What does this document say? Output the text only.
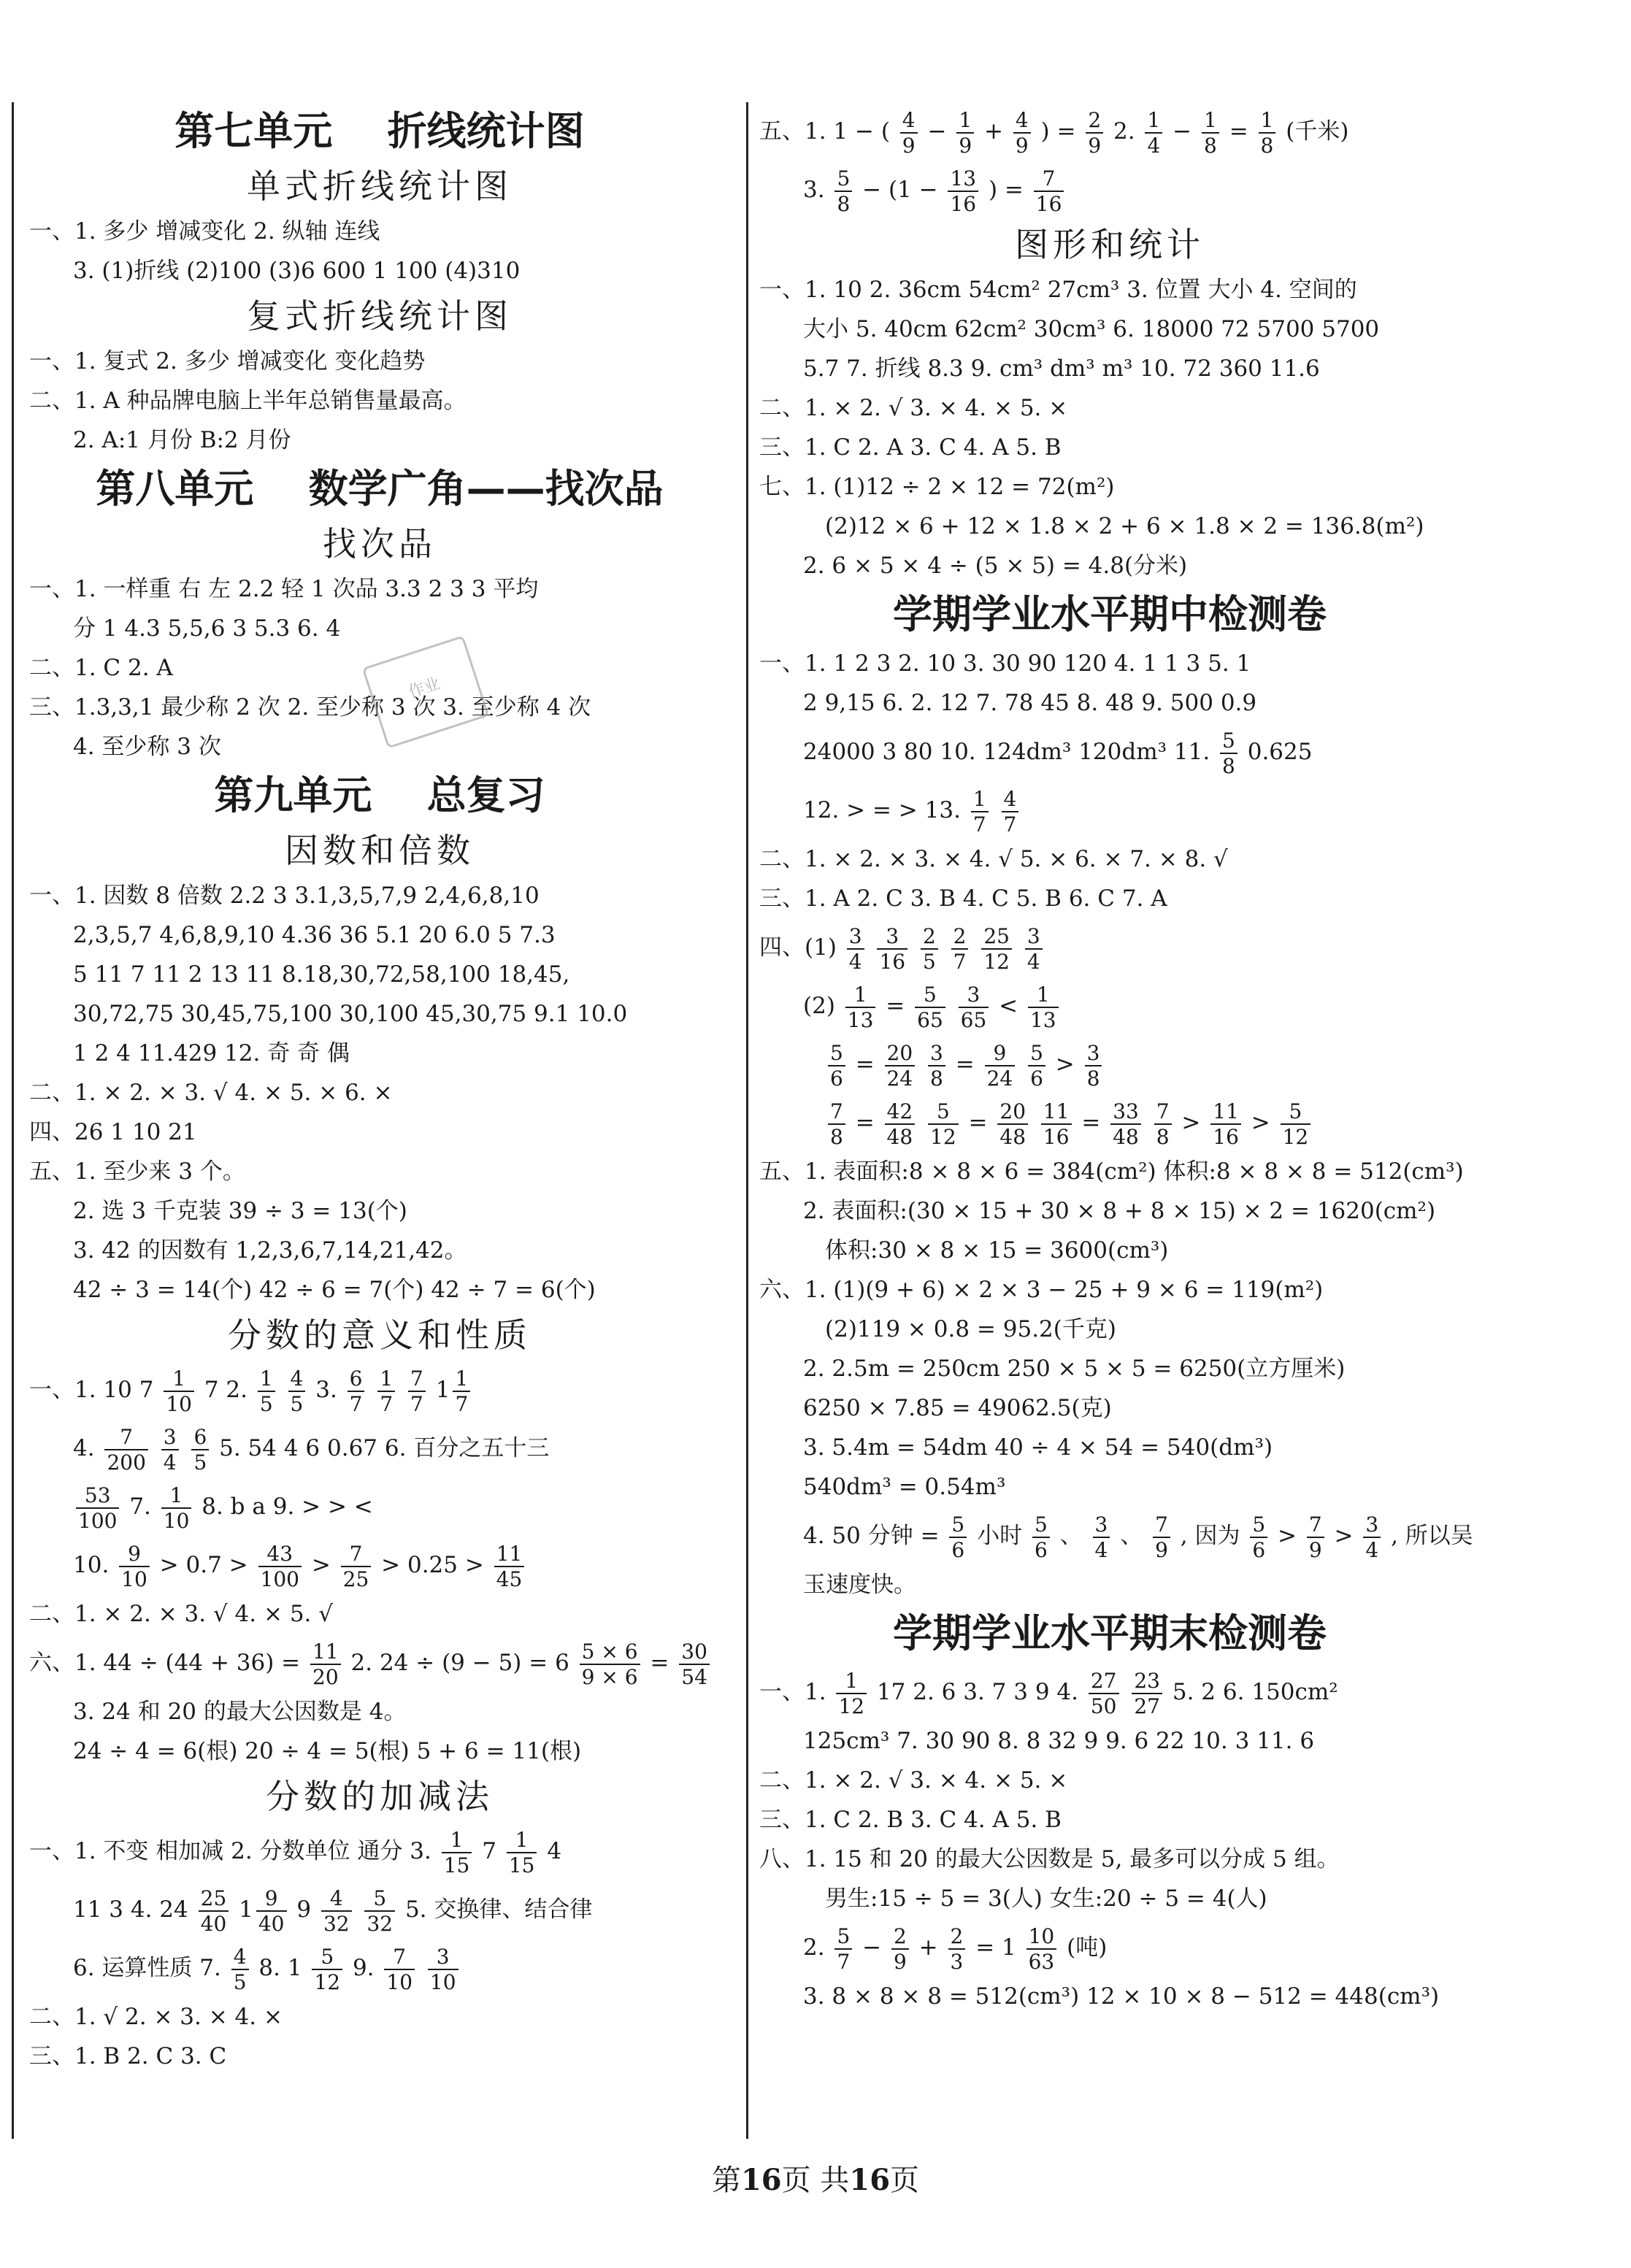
第七单元    折线统计图
单式折线统计图
一、1. 多少 增减变化 2. 纵轴 连线
3. (1)折线 (2)100 (3)6 600 1 100 (4)310
复式折线统计图
一、1. 复式 2. 多少 增减变化 变化趋势
二、1. A 种品牌电脑上半年总销售量最高。
2. A:1 月份 B:2 月份
第八单元    数学广角——找次品
找次品
一、1. 一样重 右 左 2.2 轻 1 次品 3.3 2 3 3 平均
分 1 4.3 5,5,6 3 5.3 6. 4
二、1. C 2. A
三、1.3,3,1 最少称 2 次 2. 至少称 3 次 3. 至少称 4 次
4. 至少称 3 次
第九单元    总复习
因数和倍数
一、1. 因数 8 倍数 2.2 3 3.1,3,5,7,9 2,4,6,8,10
2,3,5,7 4,6,8,9,10 4.36 36 5.1 20 6.0 5 7.3
5 11 7 11 2 13 11 8.18,30,72,58,100 18,45,
30,72,75 30,45,75,100 30,100 45,30,75 9.1 10.0
1 2 4 11.429 12. 奇 奇 偶
二、1. × 2. × 3. √ 4. × 5. × 6. ×
四、26 1 10 21
五、1. 至少来 3 个。
2. 选 3 千克装 39 ÷ 3 = 13(个)
3. 42 的因数有 1,2,3,6,7,14,21,42。
42 ÷ 3 = 14(个) 42 ÷ 6 = 7(个) 42 ÷ 7 = 6(个)
分数的意义和性质
一、1. 10 $7 \frac{1}{10} 7$ 2. $\frac{1}{5}$
$\frac{4}{5} 3$. $\frac{6}{7}$
$\frac{1}{7}$
$\frac{7}{7} 1 \frac{1}{7}$
4. $\frac{7}{200}$
$\frac{3}{4}$
$\frac{6}{5} 5$. 54 4 6 0.67 6. 百分之五十三
$\frac{53}{100} 7$. $\frac{1}{10} 8$. b a 9. > > <
10. $\frac{9}{10} > 0.7 > \frac{43}{100} > \frac{7}{25} > 0.25 > \frac{11}{45}$
二、1. × 2. × 3. √ 4. × 5. √
六、1. $44 \div (44 + 36) = \frac{11}{20} 2$. $24 \div (9 - 5) = 6 \frac{5 \times 6}{9 \times 6} = \frac{30}{54}$
3. 24 和 20 的最大公因数是 4。
24 ÷ 4 = 6(根) 20 ÷ 4 = 5(根) 5 + 6 = 11(根)
分数的加减法
一、1. 不变 相加减 2. 分数单位 通分 3. $\frac{1}{15} 7 \frac{1}{15} 4$
11 3 4. $24 \frac{25}{40} 1 \frac{9}{40} 9 \frac{4}{32}$
$\frac{5}{32} 5$. 交换律、结合律
6. 运算性质 7. $\frac{4}{5} 8$. $1 \frac{5}{12} 9$. $\frac{7}{10}$
$\frac{3}{10}$
二、1. √ 2. × 3. × 4. ×
三、1. B 2. C 3. C
作业
五、1. 1 − ( $\frac{4}{9} - \frac{1}{9} + \frac{4}{9}$ ) = $\frac{2}{9} 2$. $\frac{1}{4} - \frac{1}{8} = \frac{1}{8}$ (千米)
3. $\frac{5}{8} - (1 - \frac{13}{16}$ ) = $\frac{7}{16}$
图形和统计
一、1. 10 2. 36cm 54cm² 27cm³ 3. 位置 大小 4. 空间的
大小 5. 40cm 62cm² 30cm³ 6. 18000 72 5700 5700
5.7 7. 折线 8.3 9. cm³ dm³ m³ 10. 72 360 11.6
二、1. × 2. √ 3. × 4. × 5. ×
三、1. C 2. A 3. C 4. A 5. B
七、1. (1)12 ÷ 2 × 12 = 72(m²)
(2)12 × 6 + 12 × 1.8 × 2 + 6 × 1.8 × 2 = 136.8(m²)
2. 6 × 5 × 4 ÷ (5 × 5) = 4.8(分米)
学期学业水平期中检测卷
一、1. 1 2 3 2. 10 3. 30 90 120 4. 1 1 3 5. 1
2 9,15 6. 2. 12 7. 78 45 8. 48 9. 500 0.9
24000 3 80 10. 124dm³ 120dm³ 11. $\frac{5}{8} 0.625$
12. > = > 13. $\frac{1}{7}$
$\frac{4}{7}$
二、1. × 2. × 3. × 4. √ 5. × 6. × 7. × 8. √
三、1. A 2. C 3. B 4. C 5. B 6. C 7. A
四、$(1) \frac{3}{4}$
$\frac{3}{16}$
$\frac{2}{5}$
$\frac{2}{7}$
$\frac{25}{12}$
$\frac{3}{4}$
$(2) \frac{1}{13} = \frac{5}{65}$
$\frac{3}{65} < \frac{1}{13}$
$\frac{5}{6} = \frac{20}{24}$
$\frac{3}{8} = \frac{9}{24}$
$\frac{5}{6} > \frac{3}{8}$
$\frac{7}{8} = \frac{42}{48}$
$\frac{5}{12} = \frac{20}{48}$
$\frac{11}{16} = \frac{33}{48}$
$\frac{7}{8} > \frac{11}{16} > \frac{5}{12}$
五、1. 表面积:8 × 8 × 6 = 384(cm²) 体积:8 × 8 × 8 = 512(cm³)
2. 表面积:(30 × 15 + 30 × 8 + 8 × 15) × 2 = 1620(cm²)
体积:30 × 8 × 15 = 3600(cm³)
六、1. (1)(9 + 6) × 2 × 3 − 25 + 9 × 6 = 119(m²)
(2)119 × 0.8 = 95.2(千克)
2. 2.5m = 250cm 250 × 5 × 5 = 6250(立方厘米)
6250 × 7.85 = 49062.5(克)
3. 5.4m = 54dm 40 ÷ 4 × 54 = 540(dm³)
540dm³ = 0.54m³
4. 50 分钟 = $\frac{5}{6}$ 小时 $\frac{5}{6}$ 、 $\frac{3}{4}$ 、 $\frac{7}{9}$ , 因为 $\frac{5}{6} > \frac{7}{9} > \frac{3}{4}$ , 所以吴
玉速度快。
学期学业水平期末检测卷
一、1. $\frac{1}{12} 17$ 2. 6 3. 7 3 9 4. $\frac{27}{50}$
$\frac{23}{27} 5$. 2 6. 150cm²
125cm³ 7. 30 90 8. 8 32 9 9. 6 22 10. 3 11. 6
二、1. × 2. √ 3. × 4. × 5. ×
三、1. C 2. B 3. C 4. A 5. B
八、1. 15 和 20 的最大公因数是 5, 最多可以分成 5 组。
男生:15 ÷ 5 = 3(人) 女生:20 ÷ 5 = 4(人)
2. $\frac{5}{7} - \frac{2}{9} + \frac{2}{3} = 1 \frac{10}{63}$ (吨)
3. 8 × 8 × 8 = 512(cm³) 12 × 10 × 8 − 512 = 448(cm³)
第16页 共16页
